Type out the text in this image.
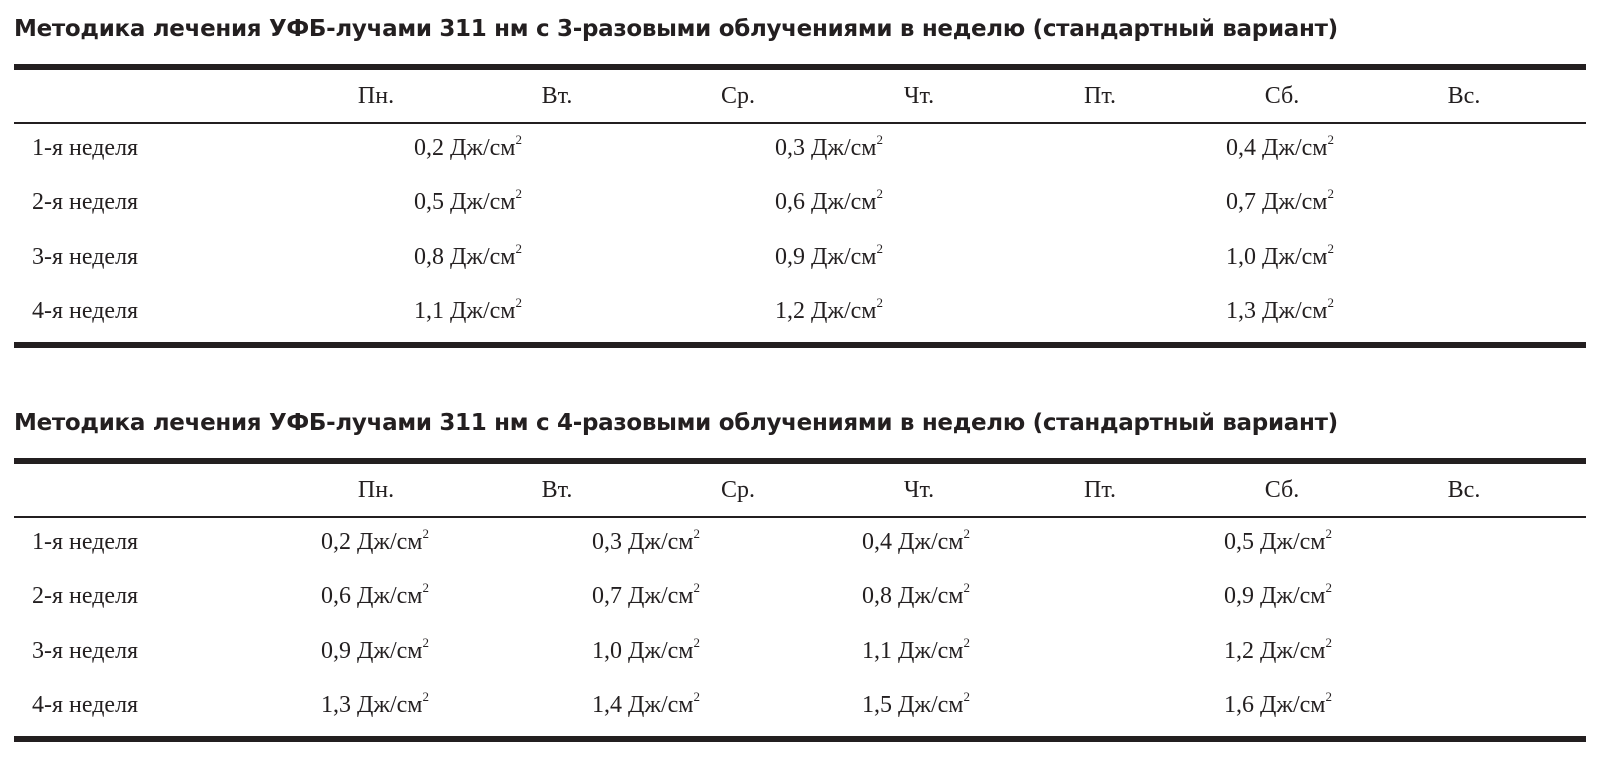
Методика лечения УФБ-лучами 311 нм с 3-разовыми облучениями в неделю (стандартный вариант)
Пн.	Вт.	Ср.	Чт.	Пт.	Сб.	Вс.
1-я неделя	0,2 $Дж/см^2$	0,3 $Дж/см^2$	0,4 $Дж/см^2$
2-я неделя	0,5 $Дж/см^2$	0,6 $Дж/см^2$	0,7 $Дж/см^2$
3-я неделя	0,8 $Дж/см^2$	0,9 $Дж/см^2$	1,0 $Дж/см^2$
4-я неделя	1,1 $Дж/см^2$	1,2 $Дж/см^2$	1,3 $Дж/см^2$
Методика лечения УФБ-лучами 311 нм с 4-разовыми облучениями в неделю (стандартный вариант)
Пн.	Вт.	Ср.	Чт.	Пт.	Сб.	Вс.
1-я неделя	0,2 $Дж/см^2$	0,3 $Дж/см^2$	0,4 $Дж/см^2$	0,5 $Дж/см^2$
2-я неделя	0,6 $Дж/см^2$	0,7 $Дж/см^2$	0,8 $Дж/см^2$	0,9 $Дж/см^2$
3-я неделя	0,9 $Дж/см^2$	1,0 $Дж/см^2$	1,1 $Дж/см^2$	1,2 $Дж/см^2$
4-я неделя	1,3 $Дж/см^2$	1,4 $Дж/см^2$	1,5 $Дж/см^2$	1,6 $Дж/см^2$
